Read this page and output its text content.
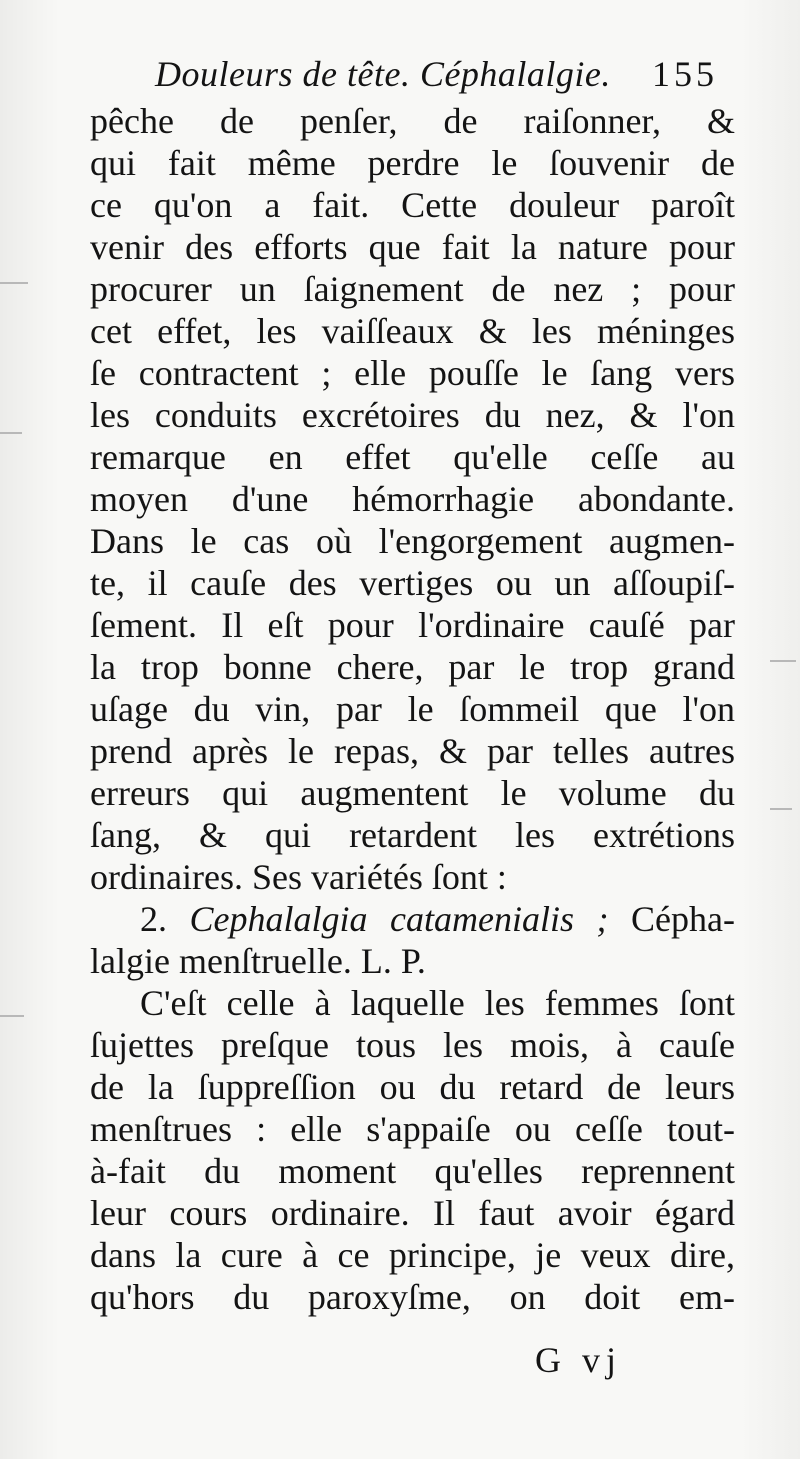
Douleurs de tête. Céphalalgie. 155
pêche de penſer, de raiſonner, &
qui fait même perdre le ſouvenir de
ce qu'on a fait. Cette douleur paroît
venir des efforts que fait la nature pour
procurer un ſaignement de nez ; pour
cet effet, les vaiſſeaux & les méninges
ſe contractent ; elle pouſſe le ſang vers
les conduits excrétoires du nez, & l'on
remarque en effet qu'elle ceſſe au
moyen d'une hémorrhagie abondante.
Dans le cas où l'engorgement augmen-
te, il cauſe des vertiges ou un aſſoupiſ-
ſement. Il eſt pour l'ordinaire cauſé par
la trop bonne chere, par le trop grand
uſage du vin, par le ſommeil que l'on
prend après le repas, & par telles autres
erreurs qui augmentent le volume du
ſang, & qui retardent les extrétions
ordinaires. Ses variétés ſont :
2. Cephalalgia catamenialis ; Cépha-
lalgie menſtruelle. L. P.
C'eſt celle à laquelle les femmes ſont
ſujettes preſque tous les mois, à cauſe
de la ſuppreſſion ou du retard de leurs
menſtrues : elle s'appaiſe ou ceſſe tout-
à-fait du moment qu'elles reprennent
leur cours ordinaire. Il faut avoir égard
dans la cure à ce principe, je veux dire,
qu'hors du paroxyſme, on doit em-
G vj
